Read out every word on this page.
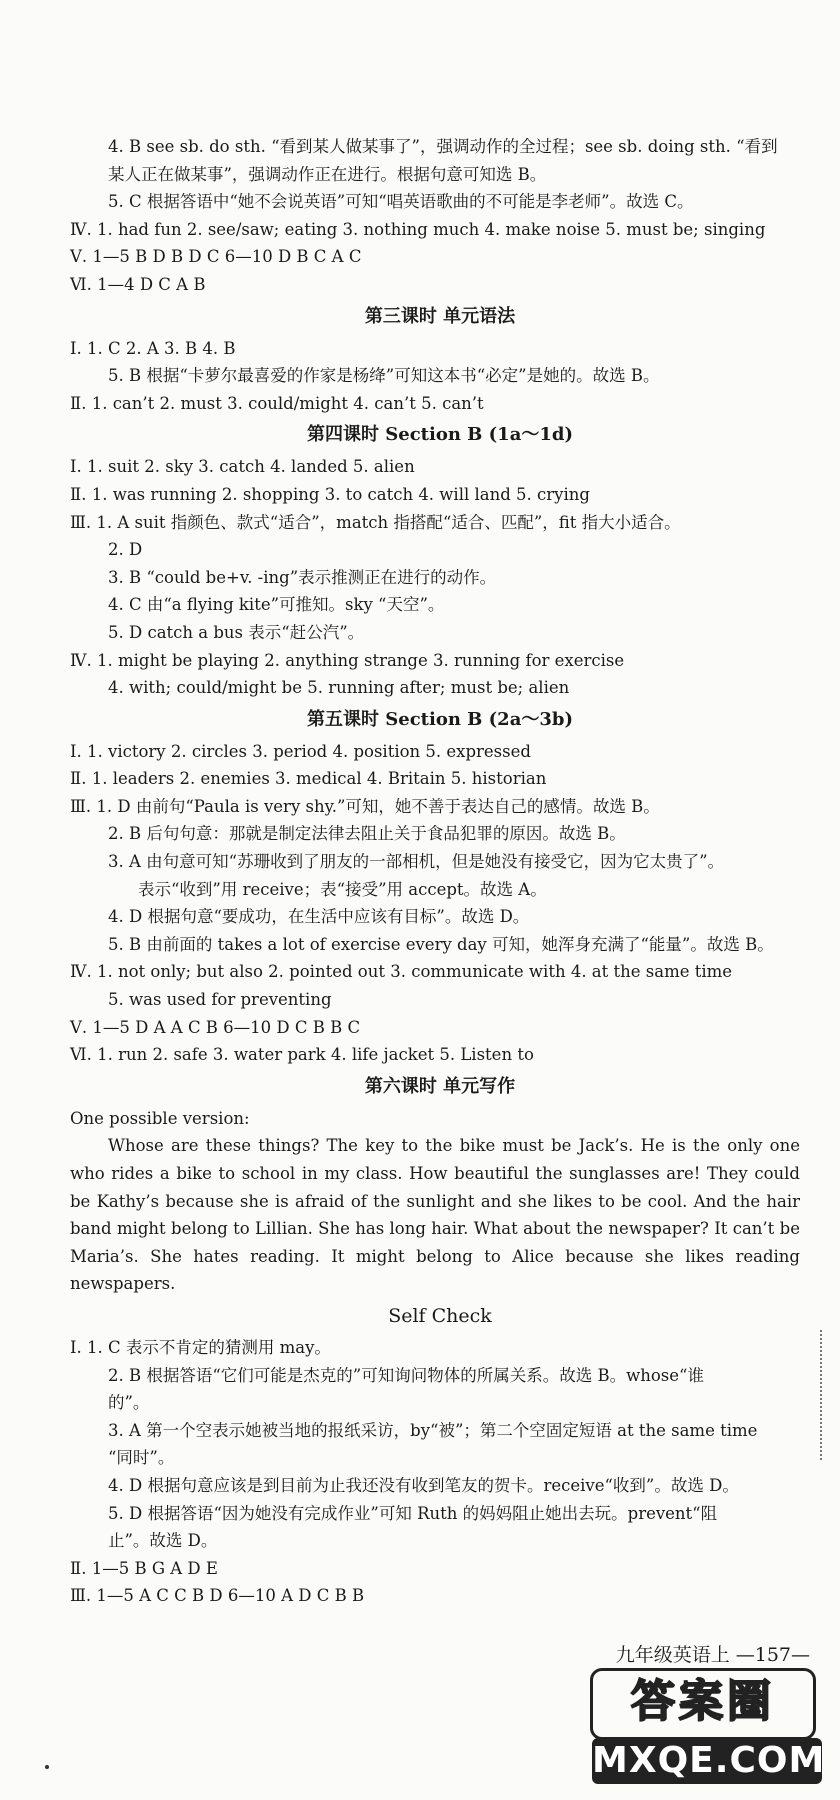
4. B see sb. do sth. “看到某人做某事了”，强调动作的全过程；see sb. doing sth. “看到
某人正在做某事”，强调动作正在进行。根据句意可知选 B。
5. C 根据答语中“她不会说英语”可知“唱英语歌曲的不可能是李老师”。故选 C。
Ⅳ. 1. had fun 2. see/saw; eating 3. nothing much 4. make noise 5. must be; singing
Ⅴ. 1—5 B D B D C 6—10 D B C A C
Ⅵ. 1—4 D C A B
第三课时 单元语法
Ⅰ. 1. C 2. A 3. B 4. B
5. B 根据“卡萝尔最喜爱的作家是杨绛”可知这本书“必定”是她的。故选 B。
Ⅱ. 1. can’t 2. must 3. could/might 4. can’t 5. can’t
第四课时 Section B (1a～1d)
Ⅰ. 1. suit 2. sky 3. catch 4. landed 5. alien
Ⅱ. 1. was running 2. shopping 3. to catch 4. will land 5. crying
Ⅲ. 1. A suit 指颜色、款式“适合”，match 指搭配“适合、匹配”，fit 指大小适合。
2. D
3. B “could be+v. -ing”表示推测正在进行的动作。
4. C 由“a flying kite”可推知。sky “天空”。
5. D catch a bus 表示“赶公汽”。
Ⅳ. 1. might be playing 2. anything strange 3. running for exercise
4. with; could/might be 5. running after; must be; alien
第五课时 Section B (2a～3b)
Ⅰ. 1. victory 2. circles 3. period 4. position 5. expressed
Ⅱ. 1. leaders 2. enemies 3. medical 4. Britain 5. historian
Ⅲ. 1. D 由前句“Paula is very shy.”可知，她不善于表达自己的感情。故选 B。
2. B 后句句意：那就是制定法律去阻止关于食品犯罪的原因。故选 B。
3. A 由句意可知“苏珊收到了朋友的一部相机，但是她没有接受它，因为它太贵了”。
表示“收到”用 receive；表“接受”用 accept。故选 A。
4. D 根据句意“要成功，在生活中应该有目标”。故选 D。
5. B 由前面的 takes a lot of exercise every day 可知，她浑身充满了“能量”。故选 B。
Ⅳ. 1. not only; but also 2. pointed out 3. communicate with 4. at the same time
5. was used for preventing
Ⅴ. 1—5 D A A C B 6—10 D C B B C
Ⅵ. 1. run 2. safe 3. water park 4. life jacket 5. Listen to
第六课时 单元写作
One possible version:

Whose are these things? The key to the bike must be Jack’s. He is the only one who rides a bike to school in my class. How beautiful the sunglasses are! They could be Kathy’s because she is afraid of the sunlight and she likes to be cool. And the hair band might belong to Lillian. She has long hair. What about the newspaper? It can’t be Maria’s. She hates reading. It might belong to Alice because she likes reading newspapers.

Self Check
Ⅰ. 1. C 表示不肯定的猜测用 may。
2. B 根据答语“它们可能是杰克的”可知询问物体的所属关系。故选 B。whose“谁
的”。
3. A 第一个空表示她被当地的报纸采访，by“被”；第二个空固定短语 at the same time
“同时”。
4. D 根据句意应该是到目前为止我还没有收到笔友的贺卡。receive“收到”。故选 D。
5. D 根据答语“因为她没有完成作业”可知 Ruth 的妈妈阻止她出去玩。prevent“阻
止”。故选 D。
Ⅱ. 1—5 B G A D E
Ⅲ. 1—5 A C C B D 6—10 A D C B B
九年级英语上 —157—
答案圈
MXQE.COM
